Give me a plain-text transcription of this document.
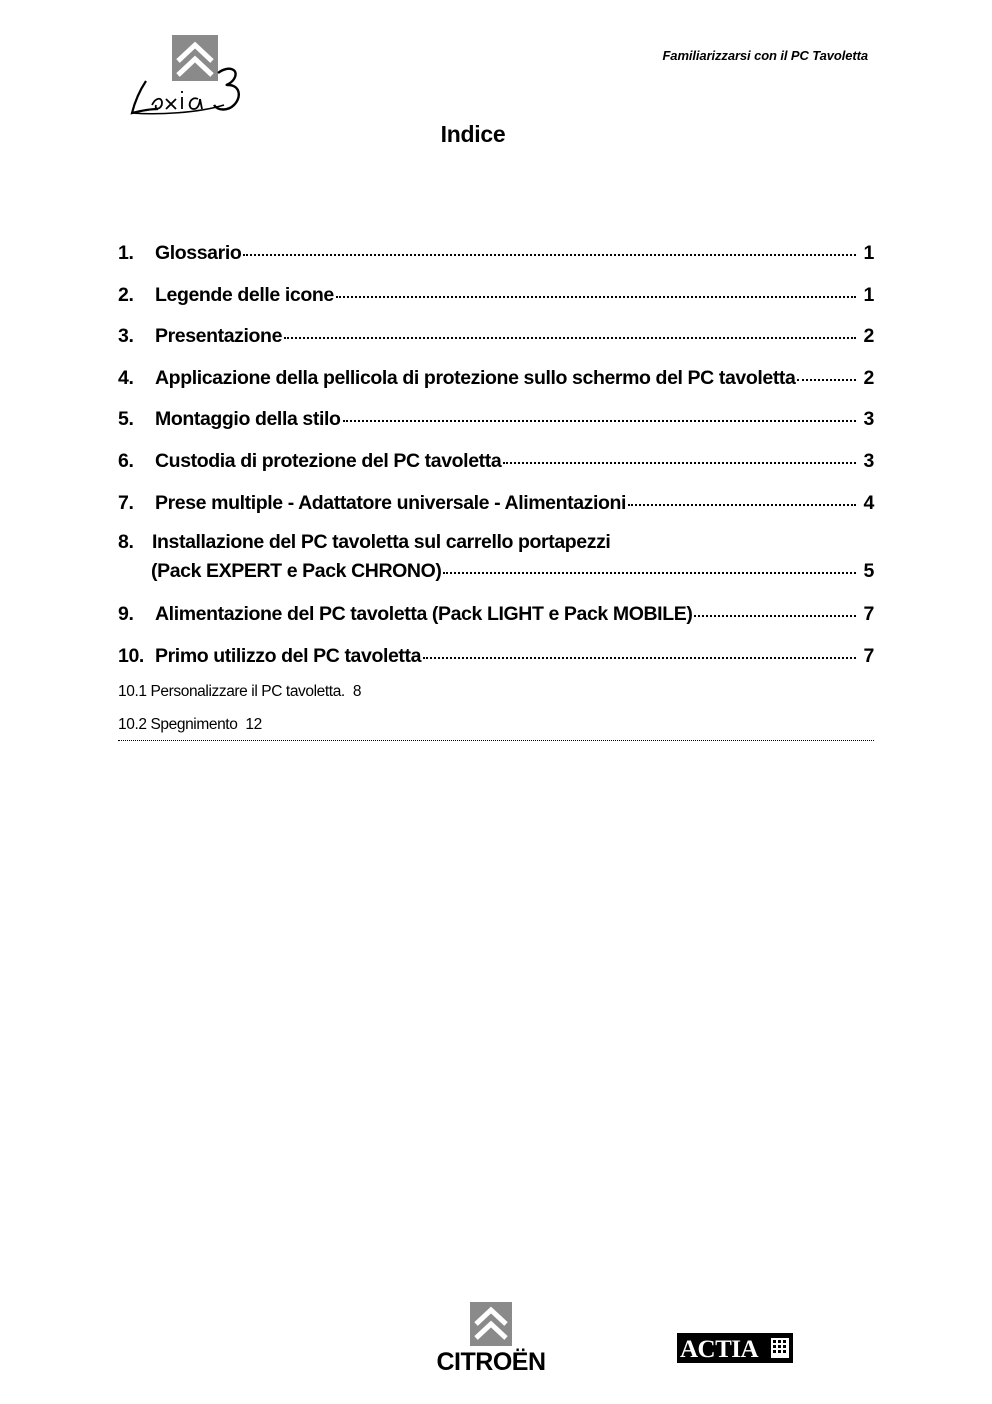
Familiarizzarsi con il PC Tavoletta
Indice
1.	Glossario	1
2.	Legende delle icone	1
3.	Presentazione	2
4.	Applicazione della pellicola di protezione sullo schermo del PC tavoletta	2
5.	Montaggio della stilo	3
6.	Custodia di protezione del PC tavoletta	3
7.	Prese multiple - Adattatore universale - Alimentazioni	4
8. Installazione del PC tavoletta sul carrello portapezzi
(Pack EXPERT e Pack CHRONO)	5
9.	Alimentazione del PC tavoletta (Pack LIGHT e Pack MOBILE)	7
10. Primo utilizzo del PC tavoletta	7
10.1 Personalizzare il PC tavoletta. 8
10.2 Spegnimento 12
CITROËN	ACTIA
